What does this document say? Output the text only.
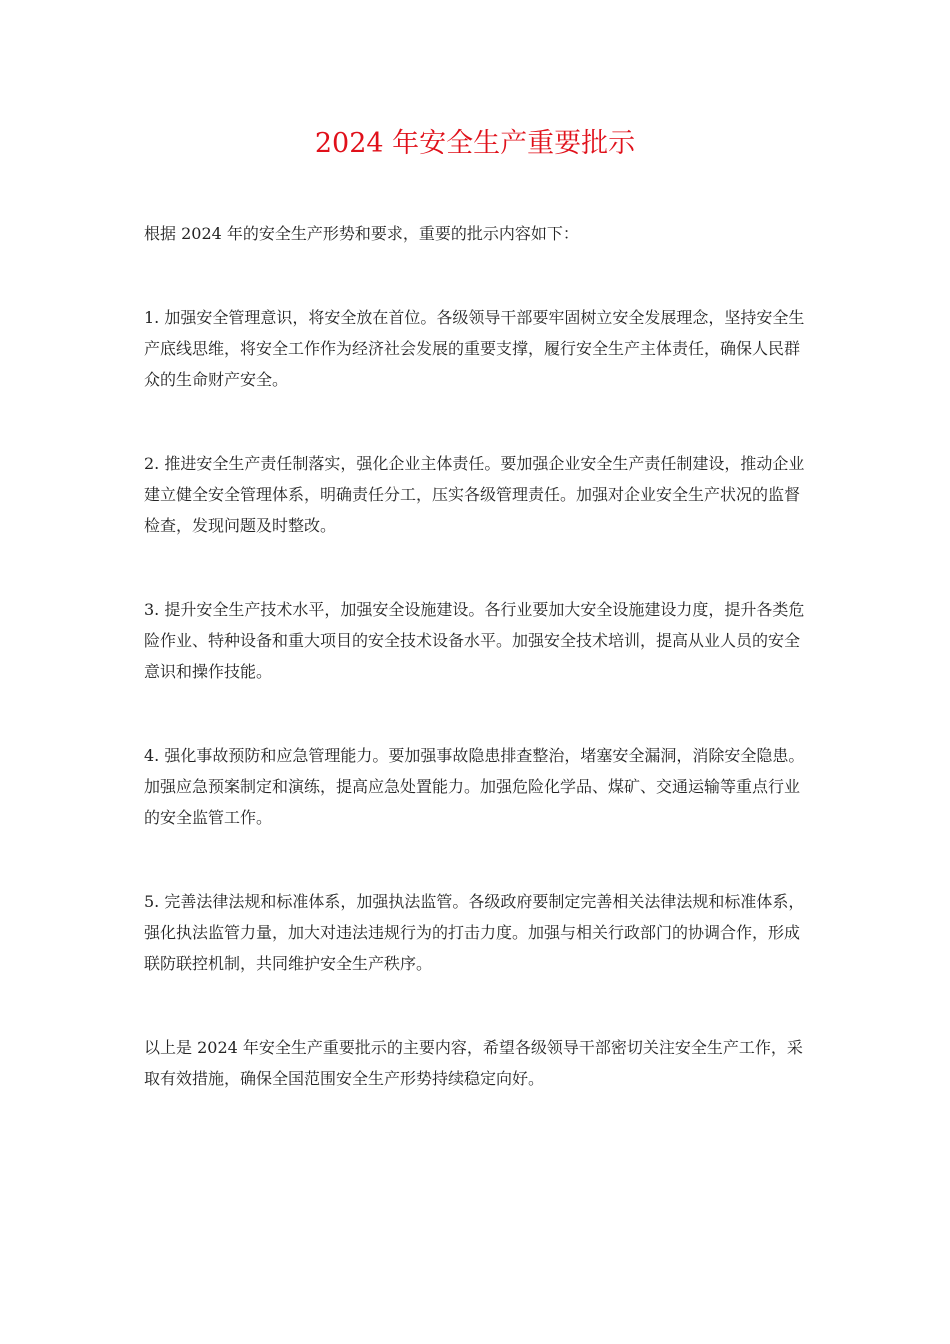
2024 年安全生产重要批示

根据 2024 年的安全生产形势和要求，重要的批示内容如下：

1. 加强安全管理意识，将安全放在首位。各级领导干部要牢固树立安全发展理念，坚持安全生产底线思维，将安全工作作为经济社会发展的重要支撑，履行安全生产主体责任，确保人民群众的生命财产安全。

2. 推进安全生产责任制落实，强化企业主体责任。要加强企业安全生产责任制建设，推动企业建立健全安全管理体系，明确责任分工，压实各级管理责任。加强对企业安全生产状况的监督检查，发现问题及时整改。

3. 提升安全生产技术水平，加强安全设施建设。各行业要加大安全设施建设力度，提升各类危险作业、特种设备和重大项目的安全技术设备水平。加强安全技术培训，提高从业人员的安全意识和操作技能。

4. 强化事故预防和应急管理能力。要加强事故隐患排查整治，堵塞安全漏洞，消除安全隐患。加强应急预案制定和演练，提高应急处置能力。加强危险化学品、煤矿、交通运输等重点行业的安全监管工作。

5. 完善法律法规和标准体系，加强执法监管。各级政府要制定完善相关法律法规和标准体系，强化执法监管力量，加大对违法违规行为的打击力度。加强与相关行政部门的协调合作，形成联防联控机制，共同维护安全生产秩序。

以上是 2024 年安全生产重要批示的主要内容，希望各级领导干部密切关注安全生产工作，采取有效措施，确保全国范围安全生产形势持续稳定向好。
